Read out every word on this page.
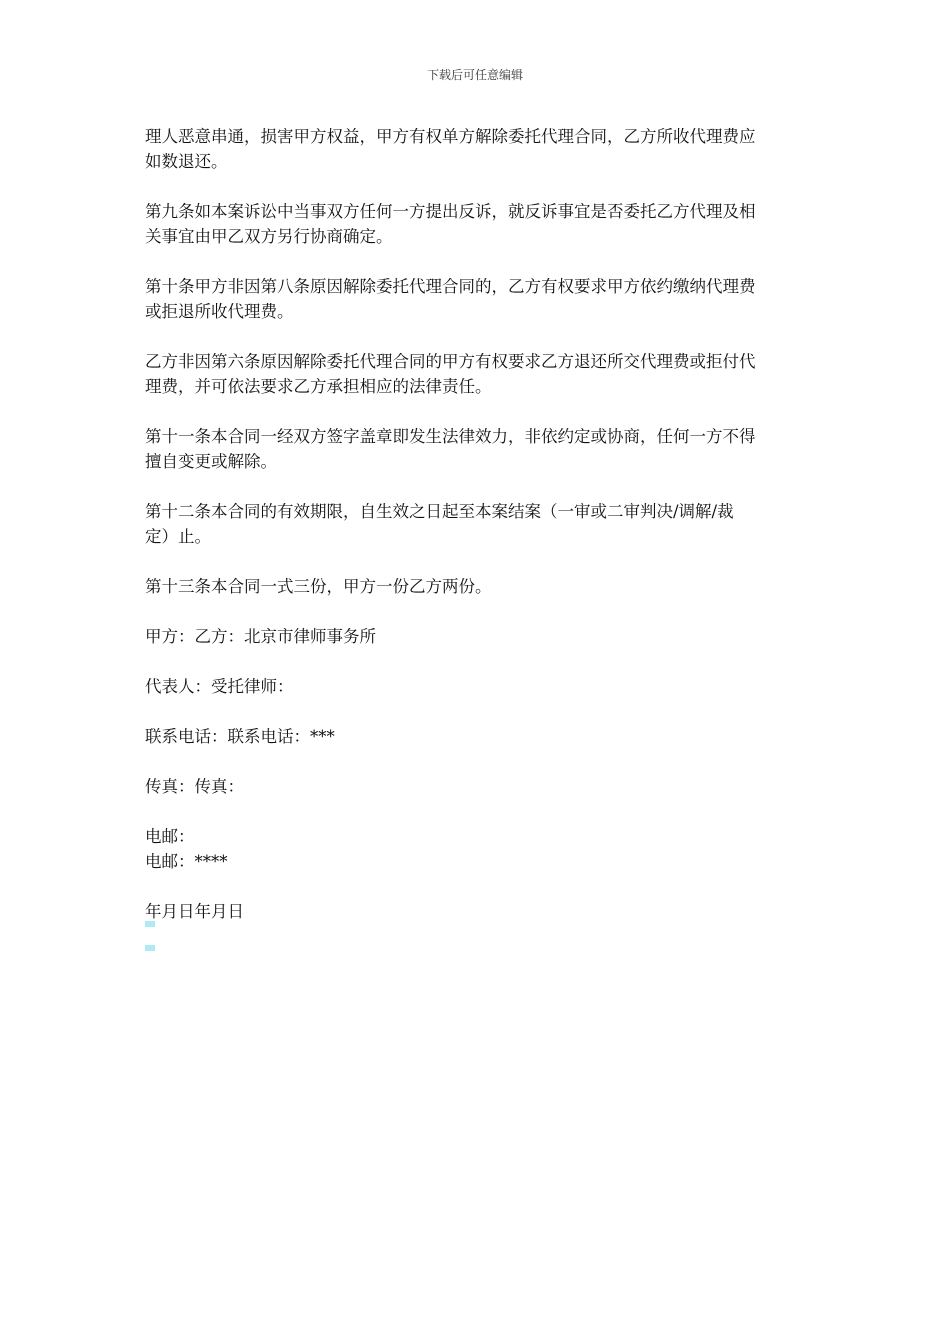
下载后可任意编辑

理人恶意串通，损害甲方权益，甲方有权单方解除委托代理合同，乙方所收代理费应
如数退还。

第九条如本案诉讼中当事双方任何一方提出反诉，就反诉事宜是否委托乙方代理及相
关事宜由甲乙双方另行协商确定。

第十条甲方非因第八条原因解除委托代理合同的，乙方有权要求甲方依约缴纳代理费
或拒退所收代理费。

乙方非因第六条原因解除委托代理合同的甲方有权要求乙方退还所交代理费或拒付代
理费，并可依法要求乙方承担相应的法律责任。

第十一条本合同一经双方签字盖章即发生法律效力，非依约定或协商，任何一方不得
擅自变更或解除。

第十二条本合同的有效期限，自生效之日起至本案结案（一审或二审判决/调解/裁
定）止。

第十三条本合同一式三份，甲方一份乙方两份。

甲方：乙方：北京市律师事务所

代表人：受托律师：

联系电话：联系电话：***

传真：传真：

电邮：
电邮：****

年月日年月日
